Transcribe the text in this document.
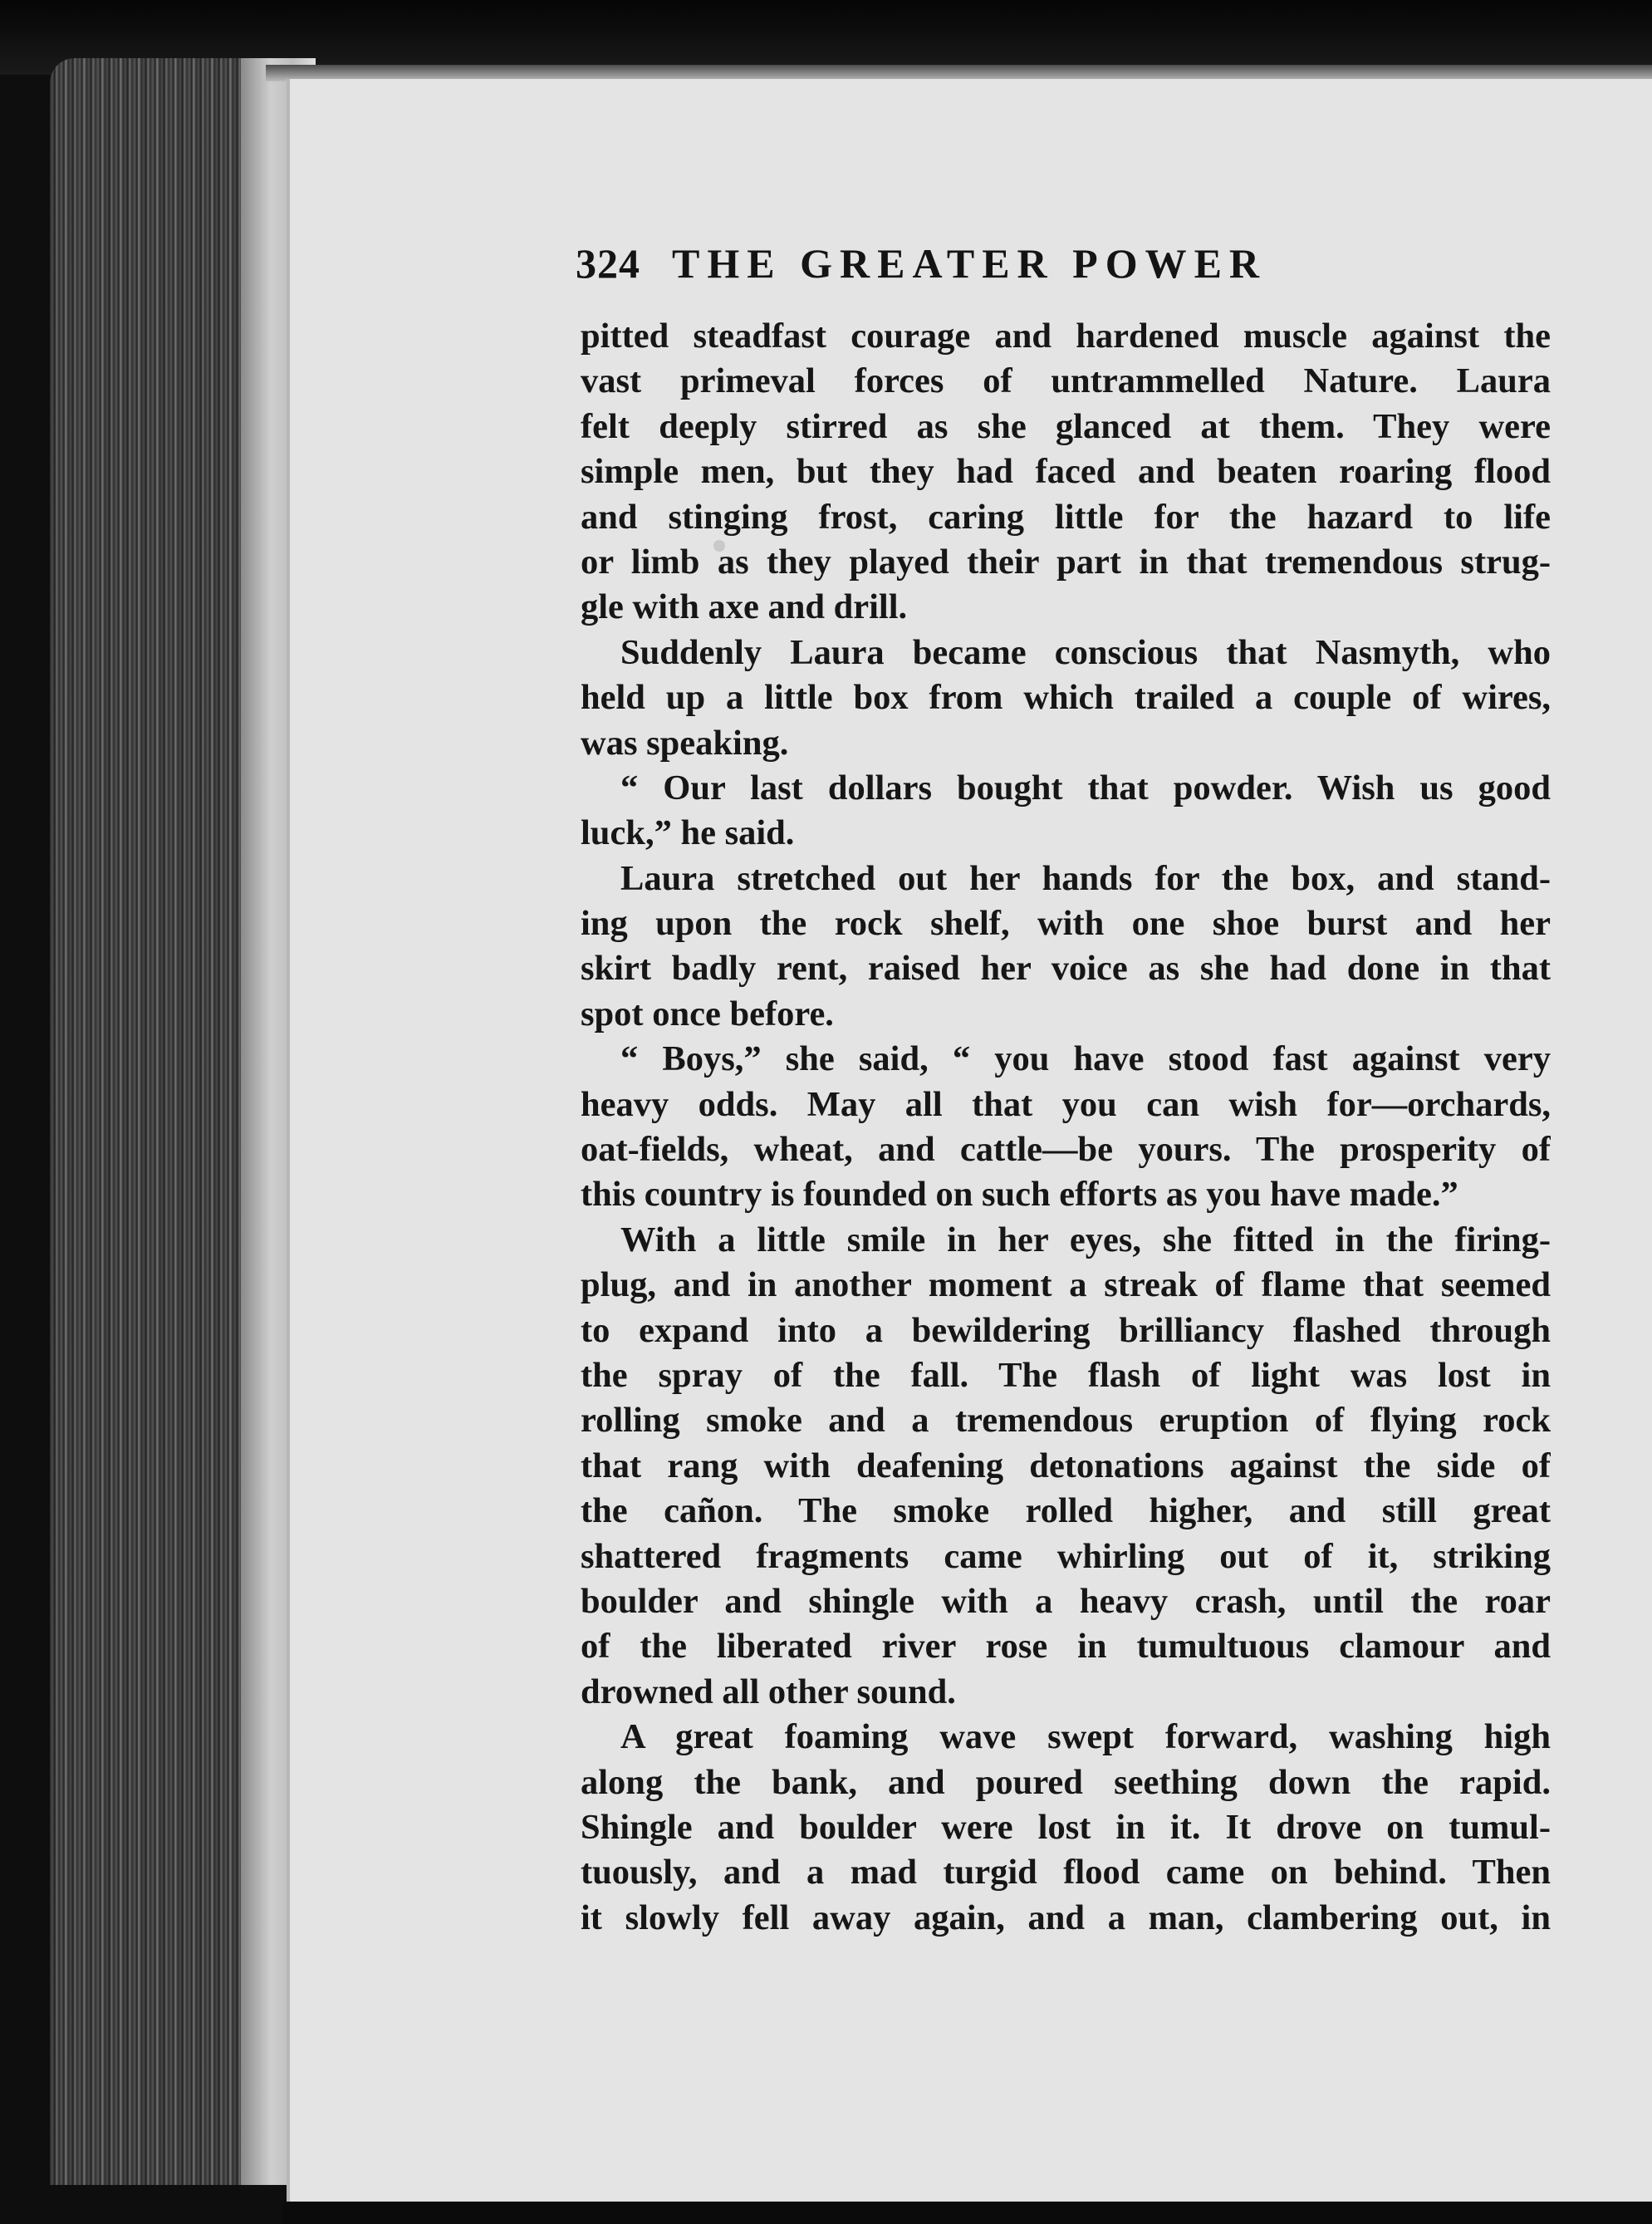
324 THE GREATER POWER
pitted steadfast courage and hardened muscle against the
vast primeval forces of untrammelled Nature. Laura
felt deeply stirred as she glanced at them. They were
simple men, but they had faced and beaten roaring flood
and stinging frost, caring little for the hazard to life
or limb as they played their part in that tremendous strug-
gle with axe and drill.
Suddenly Laura became conscious that Nasmyth, who
held up a little box from which trailed a couple of wires,
was speaking.
“ Our last dollars bought that powder. Wish us good
luck,” he said.
Laura stretched out her hands for the box, and stand-
ing upon the rock shelf, with one shoe burst and her
skirt badly rent, raised her voice as she had done in that
spot once before.
“ Boys,” she said, “ you have stood fast against very
heavy odds. May all that you can wish for—orchards,
oat-fields, wheat, and cattle—be yours. The prosperity of
this country is founded on such efforts as you have made.”
With a little smile in her eyes, she fitted in the firing-
plug, and in another moment a streak of flame that seemed
to expand into a bewildering brilliancy flashed through
the spray of the fall. The flash of light was lost in
rolling smoke and a tremendous eruption of flying rock
that rang with deafening detonations against the side of
the cañon. The smoke rolled higher, and still great
shattered fragments came whirling out of it, striking
boulder and shingle with a heavy crash, until the roar
of the liberated river rose in tumultuous clamour and
drowned all other sound.
A great foaming wave swept forward, washing high
along the bank, and poured seething down the rapid.
Shingle and boulder were lost in it. It drove on tumul-
tuously, and a mad turgid flood came on behind. Then
it slowly fell away again, and a man, clambering out, in
